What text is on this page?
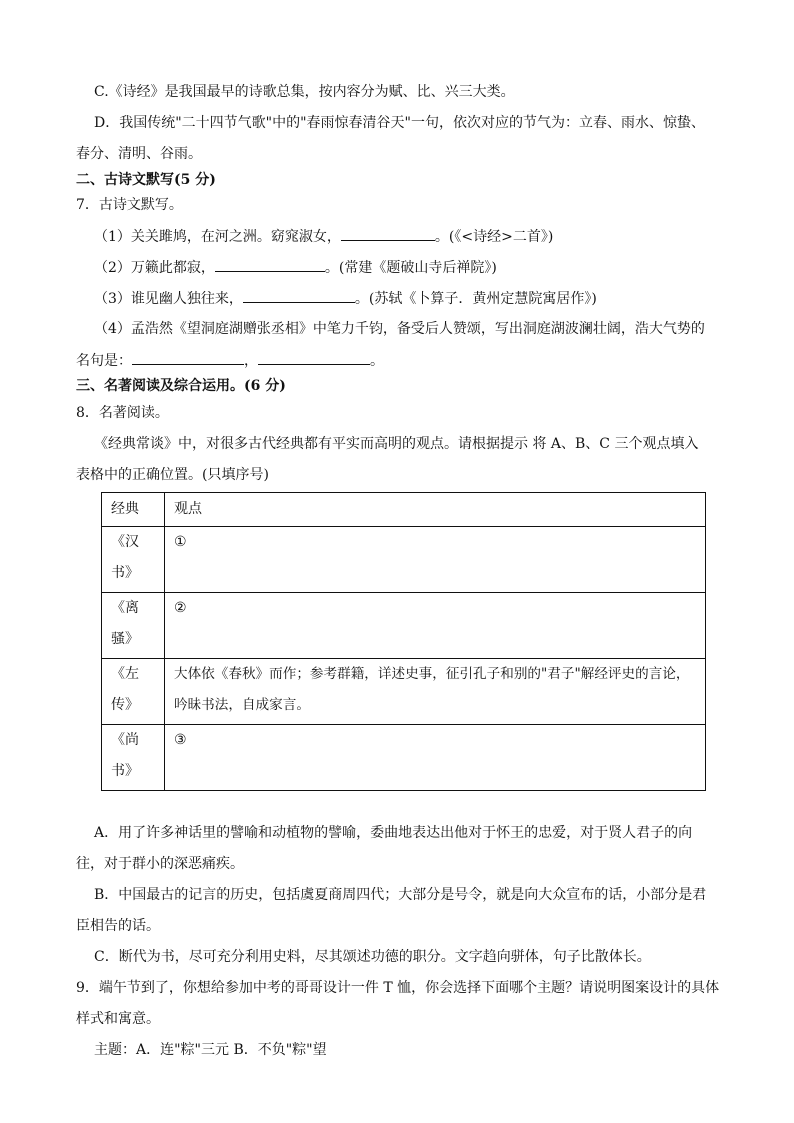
C.《诗经》是我国最早的诗歌总集，按内容分为赋、比、兴三大类。
D．我国传统"二十四节气歌"中的"春雨惊春清谷天"一句，依次对应的节气为：立春、雨水、惊蛰、
春分、清明、谷雨。
二、古诗文默写(5 分)
7．古诗文默写。
（1）关关雎鸠，在河之洲。窈窕淑女，	。(《<诗经>二首》)
（2）万籁此都寂，	。(常建《题破山寺后禅院》)
（3）谁见幽人独往来，	。(苏轼《卜算子．黄州定慧院寓居作》)
（4）孟浩然《望洞庭湖赠张丞相》中笔力千钧，备受后人赞颂，写出洞庭湖波澜壮阔，浩大气势的
名句是：	，	。
三、名著阅读及综合运用。(6 分)
8．名著阅读。
《经典常谈》中，对很多古代经典都有平实而高明的观点。请根据提示 将 A、B、C 三个观点填入
表格中的正确位置。(只填序号)
经典	观点

《汉
书》	①

《离
骚》	②

《左
传》	大体依《春秋》而作；参考群籍，详述史事，征引孔子和别的"君子"解经评史的言论，吟昧书法，自成家言。

《尚
书》	③
A．用了许多神话里的譬喻和动植物的譬喻，委曲地表达出他对于怀王的忠爱，对于贤人君子的向
往，对于群小的深恶痛疾。
B．中国最古的记言的历史，包括虞夏商周四代；大部分是号令，就是向大众宣布的话，小部分是君
臣相告的话。
C．断代为书，尽可充分利用史料，尽其颂述功德的职分。文字趋向骈体，句子比散体长。
9．端午节到了，你想给参加中考的哥哥设计一件 T 恤，你会选择下面哪个主题？请说明图案设计的具体
样式和寓意。
主题：A．连"粽"三元 B．不负"粽"望
